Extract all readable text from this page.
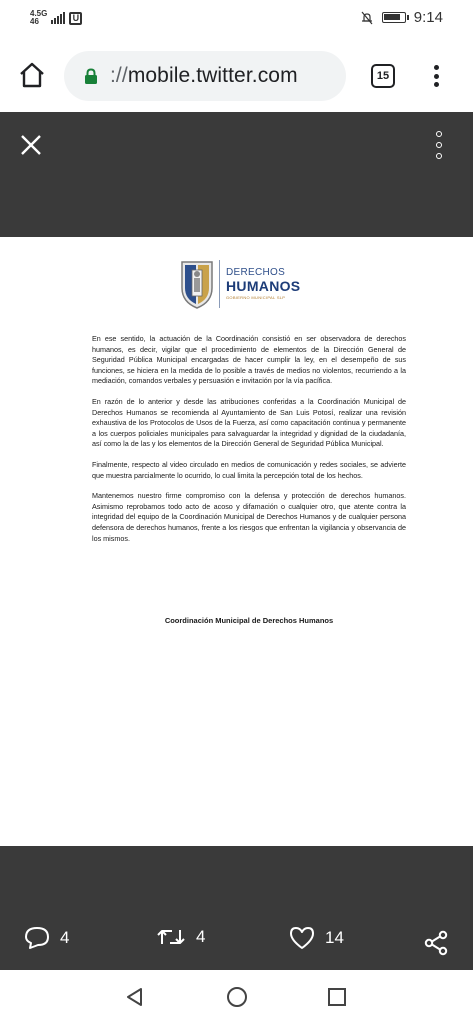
4.5G
46	U	9:14
://mobile.twitter.com	15
DERECHOS
HUMANOS
GOBIERNO MUNICIPAL SLP

En ese sentido, la actuación de la Coordinación consistió en ser observadora de derechos humanos, es decir, vigilar que el procedimiento de elementos de la Dirección General de Seguridad Pública Municipal encargadas de hacer cumplir la ley, en el desempeño de sus funciones, se hiciera en la medida de lo posible a través de medios no violentos, recurriendo a la mediación, comandos verbales y persuasión e invitación por la vía pacífica.

En razón de lo anterior y desde las atribuciones conferidas a la Coordinación Municipal de Derechos Humanos se recomienda al Ayuntamiento de San Luis Potosí, realizar una revisión exhaustiva de los Protocolos de Usos de la Fuerza, así como capacitación continua y permanente a los cuerpos policiales municipales para salvaguardar la integridad y dignidad de la ciudadanía, así como la de las y los elementos de la Dirección General de Seguridad Pública Municipal.

Finalmente, respecto al video circulado en medios de comunicación y redes sociales, se advierte que muestra parcialmente lo ocurrido, lo cual limita la percepción total de los hechos.

Mantenemos nuestro firme compromiso con la defensa y protección de derechos humanos. Asimismo reprobamos todo acto de acoso y difamación o cualquier otro, que atente contra la integridad del equipo de la Coordinación Municipal de Derechos Humanos y de cualquier persona defensora de derechos humanos, frente a los riesgos que enfrentan la vigilancia y observancia de los mismos.

Coordinación Municipal de Derechos Humanos
4	4	14
